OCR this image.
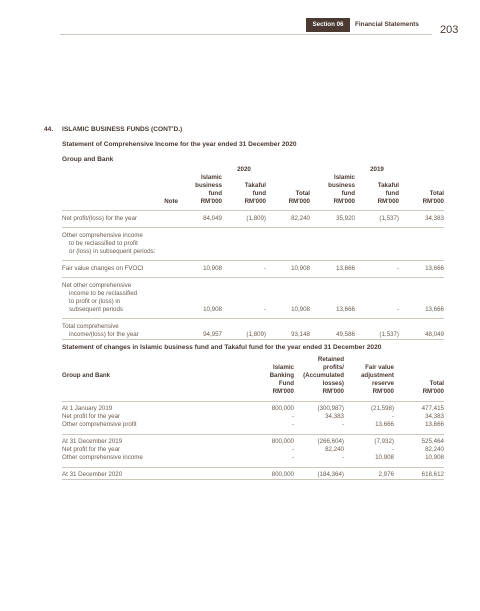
Section 06	Financial Statements 203
44. ISLAMIC BUSINESS FUNDS (CONT'D.)
Statement of Comprehensive Income for the year ended 31 December 2020
Group and Bank
		2020			2019		
		Islamic			Islamic		
		business	Takaful		business	Takaful	
		fund	fund	Total	fund	fund	Total
	Note	RM'000	RM'000	RM'000	RM'000	RM'000	RM'000

Net profit/(loss) for the year		84,049	(1,809)	82,240	35,920	(1,537)	34,383

Other comprehensive income							
to be reclassified to profit							
or (loss) in subsequent periods:							

Fair value changes on FVOCI		10,908	-	10,908	13,666	-	13,666

Net other comprehensive							
income to be reclassified							
to profit or (loss) in							
subsequent periods		10,908	-	10,908	13,666	-	13,666

Total comprehensive							
income/(loss) for the year		94,957	(1,809)	93,148	49,586	(1,537)	48,049

Statement of changes in Islamic business fund and Takaful fund for the year ended 31 December 2020
		Retained		
	Islamic	profits/	Fair value	
Group and Bank	Banking	(Accumulated	adjustment	
	Fund	losses)	reserve	Total
	RM'000	RM'000	RM'000	RM'000

At 1 January 2019	800,000	(300,987)	(21,598)	477,415
Net profit for the year	-	34,383	-	34,383
Other comprehensive profit	-	-	13,666	13,666

At 31 December 2019	800,000	(266,604)	(7,932)	525,464
Net profit for the year	-	82,240	-	82,240
Other comprehensive income	-	-	10,908	10,908

At 31 December 2020	800,000	(184,364)	2,976	618,612
